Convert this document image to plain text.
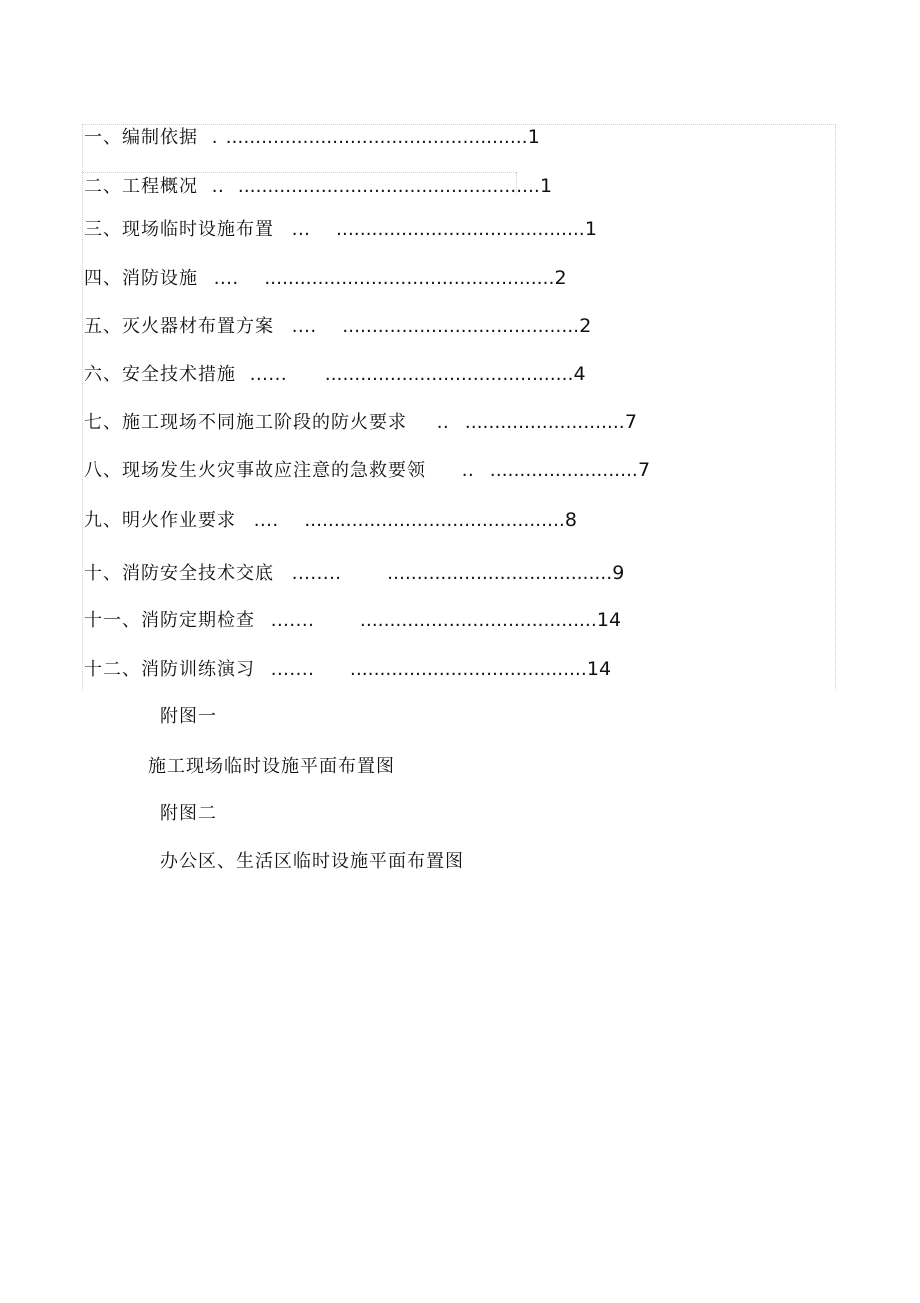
一、编制依据 . ...................................................1
二、工程概况 .. ...................................................1
三、现场临时设施布置 ... ..........................................1
四、消防设施 .... .................................................2
五、灭火器材布置方案 .... ........................................2
六、安全技术措施 ...... ..........................................4
七、施工现场不同施工阶段的防火要求 .. ...........................7
八、现场发生火灾事故应注意的急救要领 .. .........................7
九、明火作业要求 .... ............................................8
十、消防安全技术交底 ........	......................................9
十一、消防定期检查 .......	........................................14
十二、消防训练演习 ....... ........................................14
附图一
施工现场临时设施平面布置图
附图二
办公区、生活区临时设施平面布置图
